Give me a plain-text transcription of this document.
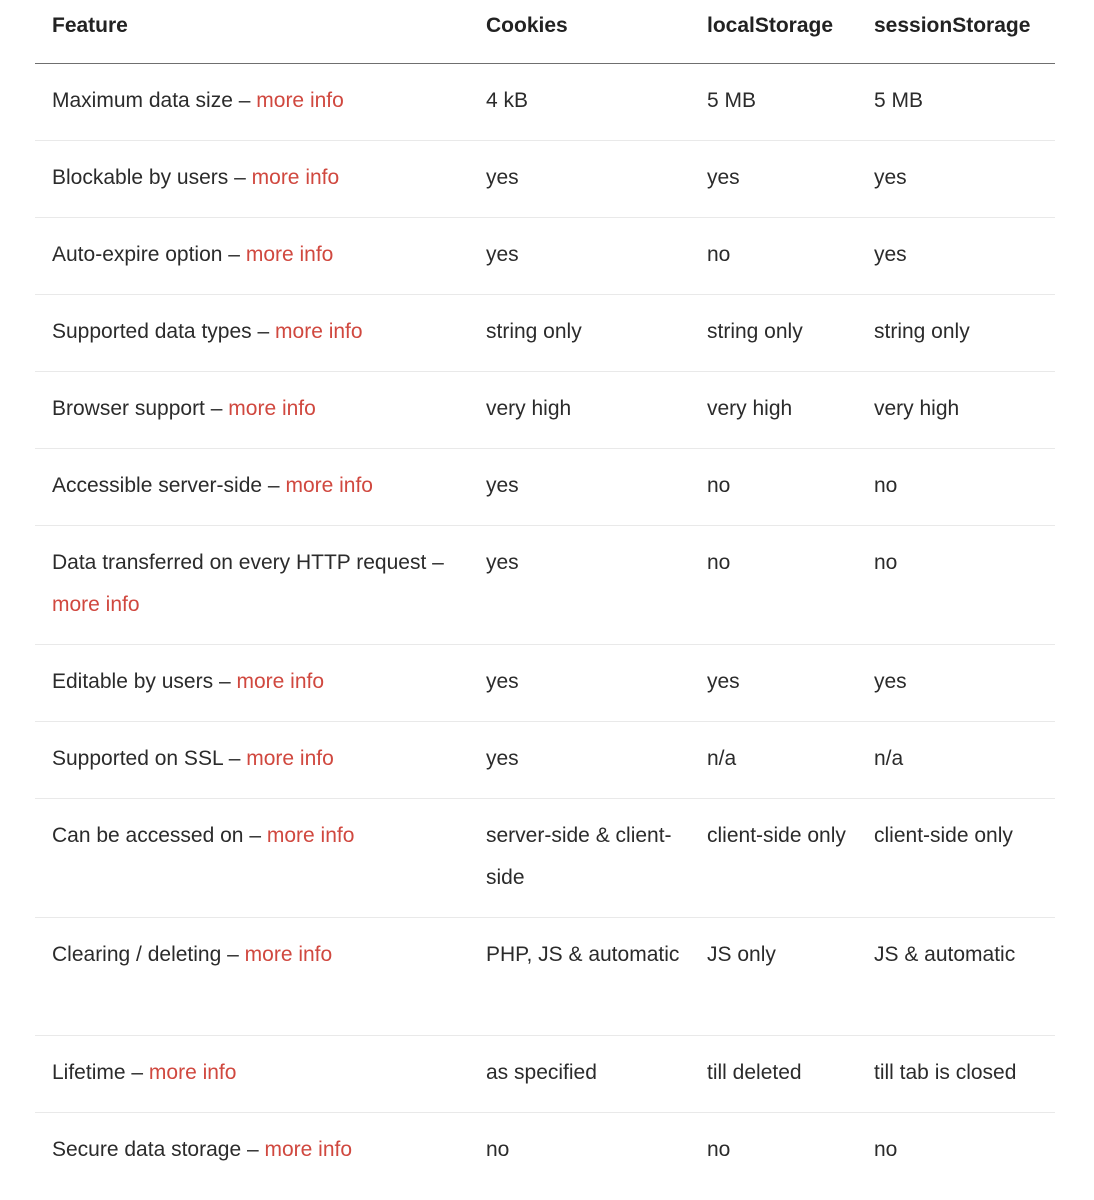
Feature	Cookies	localStorage	sessionStorage
Maximum data size – more info	4 kB	5 MB	5 MB
Blockable by users – more info	yes	yes	yes
Auto-expire option – more info	yes	no	yes
Supported data types – more info	string only	string only	string only
Browser support – more info	very high	very high	very high
Accessible server-side – more info	yes	no	no
Data transferred on every HTTP request – more info	yes	no	no
Editable by users – more info	yes	yes	yes
Supported on SSL – more info	yes	n/a	n/a
Can be accessed on – more info	server-side & client-side	client-side only	client-side only
Clearing / deleting – more info	PHP, JS & automatic	JS only	JS & automatic
Lifetime – more info	as specified	till deleted	till tab is closed
Secure data storage – more info	no	no	no
